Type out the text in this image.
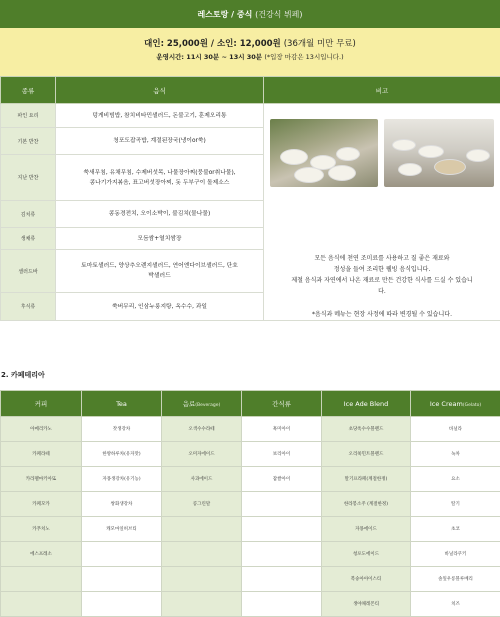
레스토랑 / 중식
(건강식 뷔페)
대인: 25,000원 / 소인: 12,000원 (36개월 미만 무료)
운영시간: 11시 30분 ~ 13시 30분 (*입장 마감은 13시입니다.)
종류	음식	비고
파인 요리	덩게비빔밥, 참치비타민샐러드, 돈불고기, 훈제오리통	모든 음식에 천연 조미료를 사용하고 질 좋은 재료와

정성을 들여 조리한 웰빙 음식입니다.

제철 음식과 자연에서 나온 재료로 만든 건강한 식사를 드실 수 있습니

다.

*음식과 메뉴는 현장 사정에 따라 변경될 수 있습니다.

기본 반찬	청포도잡곡밥, 계절된장국(냉이or쑥)	
지난 반찬	쑥새무침, 유채무침, 수제버섯목, 나물장아찌(뭉불or취나물),
콩나기가지볶음, 표고버섯장아찌, 돗 두부구이 돌제소스	
김치류	콩동경전치, 오이소박이, 불김치(물나물)	
생채류	모듬쌈+열치쌈장	
샐러드바	토마토샐러드, 양상추오렌지샐러드, 연어엔다이브샐러드, 단호
박샐러드	
후식류	쑥버무리, 인삼누룽지탕, 옥수수, 과일	
2. 카페테리아
커피	Tea	음료(Beverage)	간식류	Ice Ade Blend	Ice Cream(Gelato)
아메리카노	잣생강차	오색수수라떼	흑미아이	초당옥수수블렌드	바닐라
카페라떼	한방하루차(유자맛)	오미자에이드	보리아이	오리쑥민트블렌드	녹차
카라멜마키아또	자몽생강차(유기농)	사과에이드	찹쌀아이	딸기프라페(계절한정)	요소
카페모카	쌍화생강차	콩그린말		한라봉소주 (계절한정)	딸기
카푸치노	캐모마일허브티			자몽에이드	초코
에스프레소				청포도에이드	바닐라쿠키
				복숭아아이스티	솔잎우롱블루베리
				생야채레몬티	치즈
